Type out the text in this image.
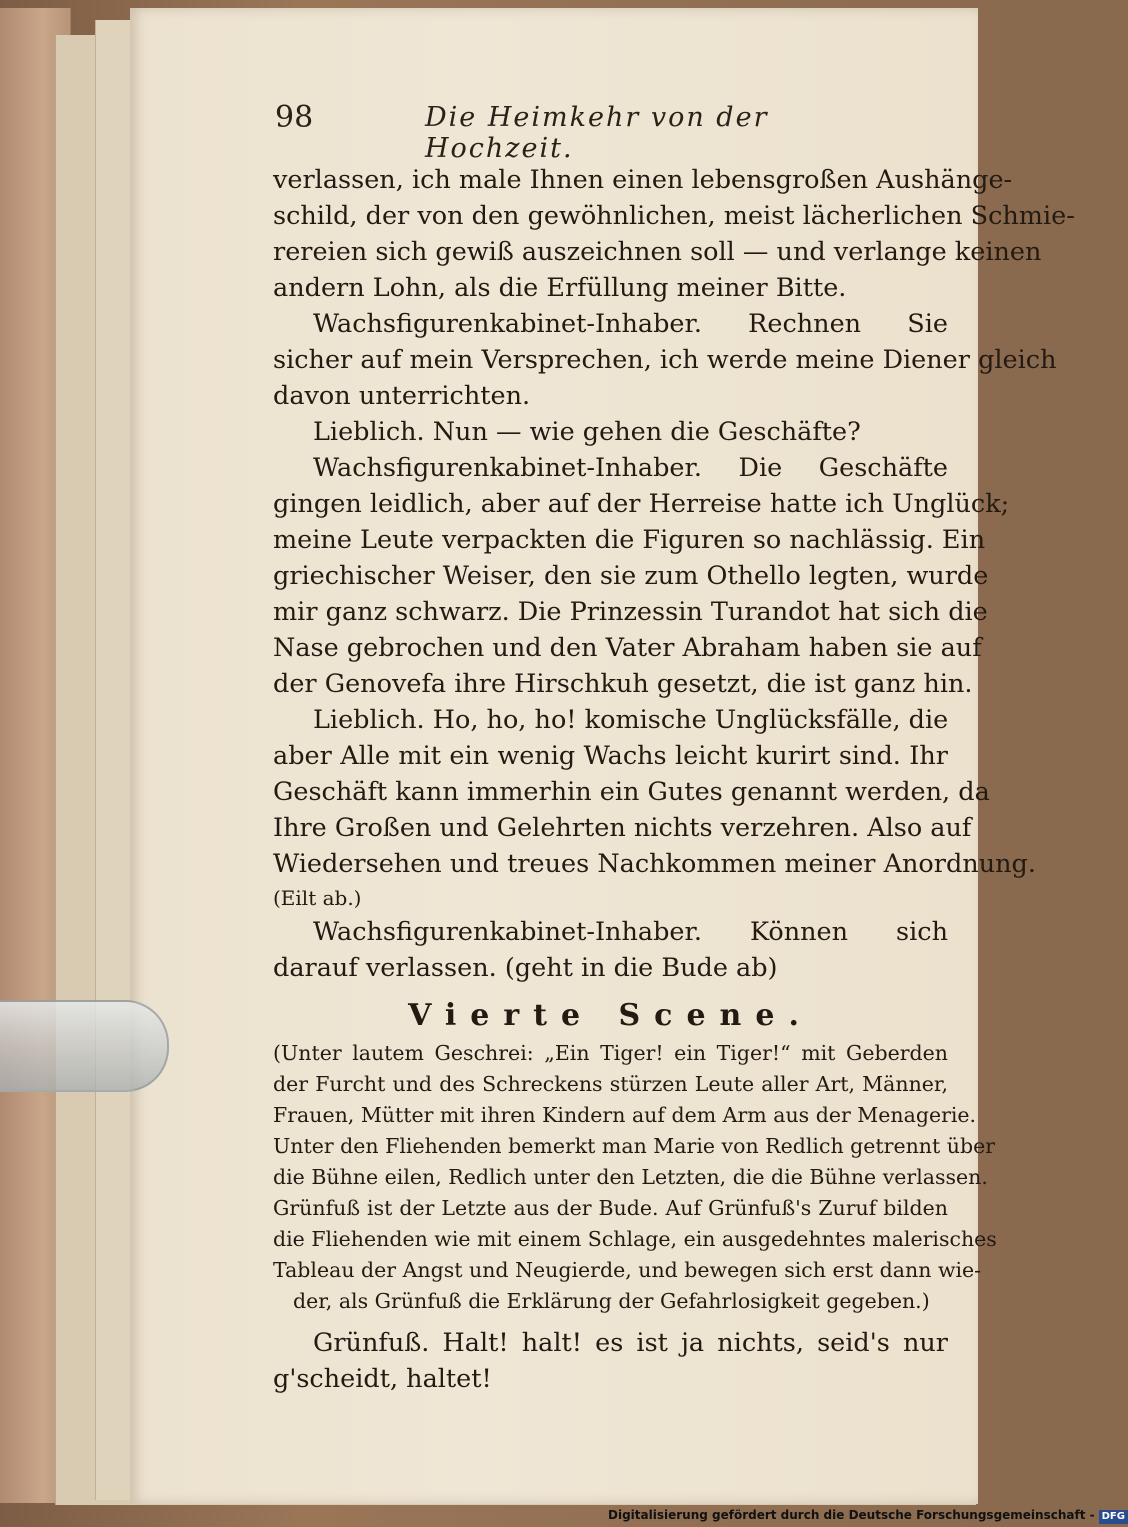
98	Die Heimkehr von der Hochzeit.
verlassen, ich male Ihnen einen lebensgroßen Aushänge-
schild, der von den gewöhnlichen, meist lächerlichen Schmie-
rereien sich gewiß auszeichnen soll — und verlange keinen
andern Lohn, als die Erfüllung meiner Bitte.
Wachsfigurenkabinet-Inhaber. Rechnen Sie
sicher auf mein Versprechen, ich werde meine Diener gleich
davon unterrichten.
Lieblich. Nun — wie gehen die Geschäfte?
Wachsfigurenkabinet-Inhaber. Die Geschäfte
gingen leidlich, aber auf der Herreise hatte ich Unglück;
meine Leute verpackten die Figuren so nachlässig. Ein
griechischer Weiser, den sie zum Othello legten, wurde
mir ganz schwarz. Die Prinzessin Turandot hat sich die
Nase gebrochen und den Vater Abraham haben sie auf
der Genovefa ihre Hirschkuh gesetzt, die ist ganz hin.
Lieblich. Ho, ho, ho! komische Unglücksfälle, die
aber Alle mit ein wenig Wachs leicht kurirt sind. Ihr
Geschäft kann immerhin ein Gutes genannt werden, da
Ihre Großen und Gelehrten nichts verzehren. Also auf
Wiedersehen und treues Nachkommen meiner Anordnung.
(Eilt ab.)
Wachsfigurenkabinet-Inhaber. Können sich
darauf verlassen. (geht in die Bude ab)
Vierte Scene.
(Unter lautem Geschrei: „Ein Tiger! ein Tiger!“ mit Geberden
der Furcht und des Schreckens stürzen Leute aller Art, Männer,
Frauen, Mütter mit ihren Kindern auf dem Arm aus der Menagerie.
Unter den Fliehenden bemerkt man Marie von Redlich getrennt über
die Bühne eilen, Redlich unter den Letzten, die die Bühne verlassen.
Grünfuß ist der Letzte aus der Bude. Auf Grünfuß's Zuruf bilden
die Fliehenden wie mit einem Schlage, ein ausgedehntes malerisches
Tableau der Angst und Neugierde, und bewegen sich erst dann wie-
der, als Grünfuß die Erklärung der Gefahrlosigkeit gegeben.)
Grünfuß. Halt! halt! es ist ja nichts, seid's nur
g'scheidt, haltet!
Digitalisierung gefördert durch die Deutsche Forschungsgemeinschaft - DFG
